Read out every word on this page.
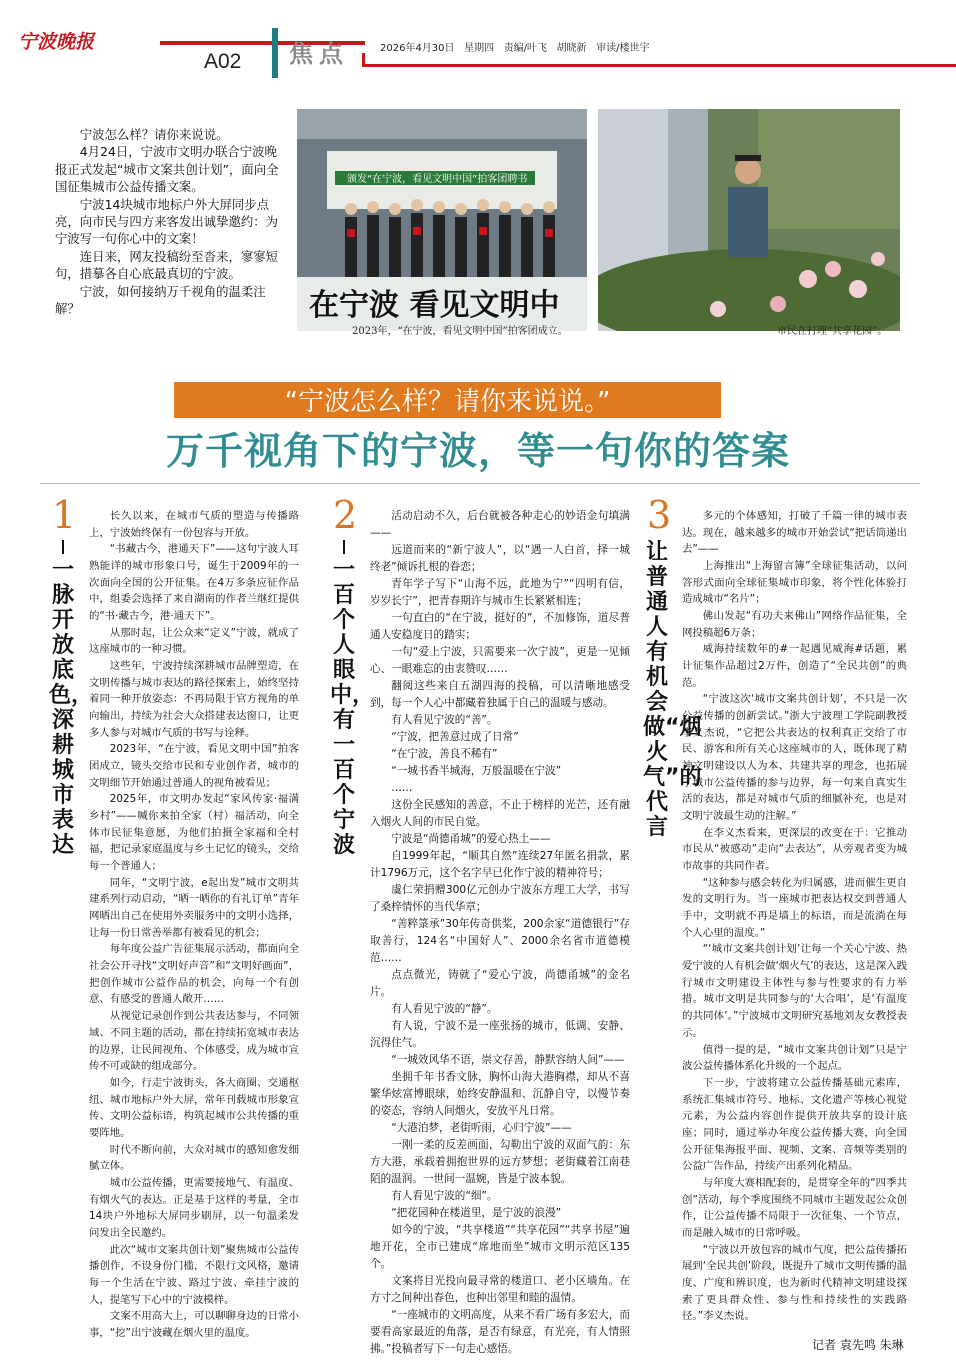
宁波晚报
A02 焦点	2026年4月30日 星期四 责编/叶飞 胡晓新 审读/楼世宇

宁波怎么样？请你来说说。

4月24日，宁波市文明办联合宁波晚报正式发起“城市文案共创计划”，面向全国征集城市公益传播文案。

宁波14块城市地标户外大屏同步点亮，向市民与四方来客发出诚挚邀约：为宁波写一句你心中的文案！

连日来，网友投稿纷至沓来，寥寥短句，措摹各自心底最真切的宁波。

宁波，如何接纳万千视角的温柔注解？

颁发“在宁波，看见文明中国”拍客团聘书
在宁波 看见文明中
2023年，“在宁波，看见文明中国”拍客团成立。	市民在打理“共享花园”。
“宁波怎么样？请你来说说。”
万千视角下的宁波，等一句你的答案
1
一脉开放底色，深耕城市表达

长久以来，在城市气质的塑造与传播路上，宁波始终保有一份包容与开放。

“书藏古今，港通天下”——这句宁波人耳熟能详的城市形象口号，诞生于2009年的一次面向全国的公开征集。在4万多条应征作品中，组委会选择了来自湖南的作者兰继红提供的“书·藏古今，港·通天下”。

从那时起，让公众来“定义”宁波，就成了这座城市的一种习惯。

这些年，宁波持续深耕城市品牌塑造，在文明传播与城市表达的路径探索上，始终坚持着同一种开放姿态：不再局限于官方视角的单向输出，持续为社会大众搭建表达窗口，让更多人参与对城市气质的书写与诠释。

2023年，“在宁波，看见文明中国”拍客团成立，镜头交给市民和专业创作者，城市的文明细节开始通过普通人的视角被看见；

2025年，市文明办发起“家风传家·福满乡村”——喊你来拍全家（村）福活动，向全体市民征集意愿，为他们拍摄全家福和全村福，把记录家庭温度与乡土记忆的镜头，交给每一个普通人；

同年，“文明宁波，e起出发”城市文明共建系列行动启动，“晒一晒你的有礼订单”青年网晒出自己在使用外卖服务中的文明小选择，让每一份日常善举都有被看见的机会；

每年度公益广告征集展示活动，都面向全社会公开寻找“文明好声音”和“文明好画面”，把创作城市公益作品的机会，向每一个有创意、有感受的普通人敞开……

从视觉记录创作到公共表达参与，不同领域、不同主题的活动，都在持续拓宽城市表达的边界，让民间视角、个体感受，成为城市宣传不可或缺的组成部分。

如今，行走宁波街头，各大商圈、交通枢纽、城市地标户外大屏，常年刊载城市形象宣传、文明公益标语，构筑起城市公共传播的重要阵地。

时代不断向前，大众对城市的感知愈发细腻立体。

城市公益传播，更需要接地气、有温度、有烟火气的表达。正是基于这样的考量，全市14块户外地标大屏同步刷屏，以一句温柔发问发出全民邀约。

此次“城市文案共创计划”聚焦城市公益传播创作，不设身份门槛，不限行文风格，邀请每一个生活在宁波、路过宁波、牵挂宁波的人，提笔写下心中的宁波模样。

文案不用高大上，可以聊聊身边的日常小事，“挖”出宁波藏在烟火里的温度。

2
一百个人眼中，有一百个宁波

活动启动不久，后台就被各种走心的妙语金句填满——

远道而来的“新宁波人”，以“遇一人白首，择一城终老”倾诉扎根的眷恋；

青年学子写下“山海不远，此地为宁”“四明有信，岁岁长宁”，把青春期许与城市生长紧紧相连；

一句直白的“在宁波，挺好的”，不加修饰，道尽普通人安稳度日的踏实；

一句“爱上宁波，只需要来一次宁波”，更是一见倾心、一眼难忘的由衷赞叹……

翻阅这些来自五湖四海的投稿，可以清晰地感受到，每一个人心中都藏着独属于自己的温暖与感动。

有人看见宁波的“善”。

“宁波，把善意过成了日常”

“在宁波，善良不稀有”

“一城书香半城海，万般温暖在宁波”

……

这份全民感知的善意，不止于榜样的光芒，还有融入烟火人间的市民自觉。

宁波是“尚德甬城”的爱心热土——

自1999年起，“顺其自然”连续27年匿名捐款，累计1796万元，这个名字早已化作宁波的精神符号；

虞仁荣捐赠300亿元创办宁波东方理工大学，书写了桑梓情怀的当代华章；

“善粹箓承”30年传奇供桨，200余家“道德银行”存取善行，124名“中国好人”、2000余名省市道德模范……

点点微光，铸就了“爱心宁波，尚德甬城”的金名片。

有人看见宁波的“静”。

有人说，宁波不是一座张扬的城市，低调、安静、沉得住气。

“一城效风华不语，崇文存善，静默容纳人间”——

坐拥千年书香文脉，胸怀山海大港胸襟，却从不喜繁华炫富博眼球，始终安静温和、沉静自守，以慢节奏的姿态，容纳人间烟火，安放平凡日常。

“大港泊梦，老街听雨，心归宁波”——

一刚一柔的反差画面，勾勒出宁波的双面气韵：东方大港，承载着拥抱世界的远方梦想；老街藏着江南巷陌的温润。一世间一温婉，皆是宁波本貌。

有人看见宁波的“细”。

“把花园种在楼道里，是宁波的浪漫”

如今的宁波，“共享楼道”“共享花园”“共享书屋”遍地开花，全市已建成“席地而坐”城市文明示范区135个。

文案将目光投向最寻常的楼道口、老小区墙角。在方寸之间种出春色，也种出邻里和睦的温情。

“一座城市的文明高度，从来不看广场有多宏大，而要看高家最近的角落，是否有绿意，有光亮，有人情照拂。”投稿者写下一句走心感悟。

3
让普通人有机会做“烟火气”的代言

多元的个体感知，打破了千篇一律的城市表达。现在，越来越多的城市开始尝试“把话筒递出去”——

上海推出“上海留言簿”全球征集活动，以问答形式面向全球征集城市印象，将个性化体验打造成城市“名片”；

佛山发起“有功夫来佛山”网络作品征集，全网投稿超6万条；

威海持续数年的#一起遇见威海#话题，累计征集作品超过2万件，创造了“全民共创”的典范。

“宁波这次‘城市文案共创计划’，不只是一次公益传播的创新尝试。”浙大宁波理工学院副教授李义杰说，“它把公共表达的权利真正交给了市民、游客和所有关心这座城市的人，既体现了精神文明建设以人为本、共建共享的理念，也拓展了城市公益传播的参与边界，每一句来自真实生活的表达，都是对城市气质的细腻补充，也是对文明宁波最生动的注解。”

在李义杰看来，更深层的改变在于：它推动市民从“被感动”走向“去表达”，从旁观者变为城市故事的共同作者。

“这种参与感会转化为归属感，进而催生更自发的文明行为。当一座城市把表达权交到普通人手中，文明就不再是墙上的标语，而是流淌在每个人心里的温度。”

“‘城市文案共创计划’让每一个关心宁波、热爱宁波的人有机会做‘烟火气’的表达，这是深入践行城市文明建设主体性与参与性要求的有力举措。城市文明是共同参与的‘大合唱’，是‘有温度的共同体’。”宁波城市文明研究基地刘友女教授表示。

值得一提的是，“城市文案共创计划”只是宁波公益传播体系化升级的一个起点。

下一步，宁波将建立公益传播基础元素库，系统汇集城市符号、地标、文化遗产等核心视觉元素，为公益内容创作提供开放共享的设计底座；同时，通过举办年度公益传播大赛，向全国公开征集海报平面、视频、文案、音频等类别的公益广告作品，持续产出系列化精品。

与年度大赛相配套的，是贯穿全年的“四季共创”活动，每个季度围绕不同城市主题发起公众创作，让公益传播不局限于一次征集、一个节点，而是融入城市的日常呼吸。

“宁波以开放包容的城市气度，把公益传播拓展到‘全民共创’阶段，既提升了城市文明传播的温度、广度和辨识度，也为新时代精神文明建设探索了更具群众性、参与性和持续性的实践路径。”李义杰说。

记者 袁先鸣 朱琳
